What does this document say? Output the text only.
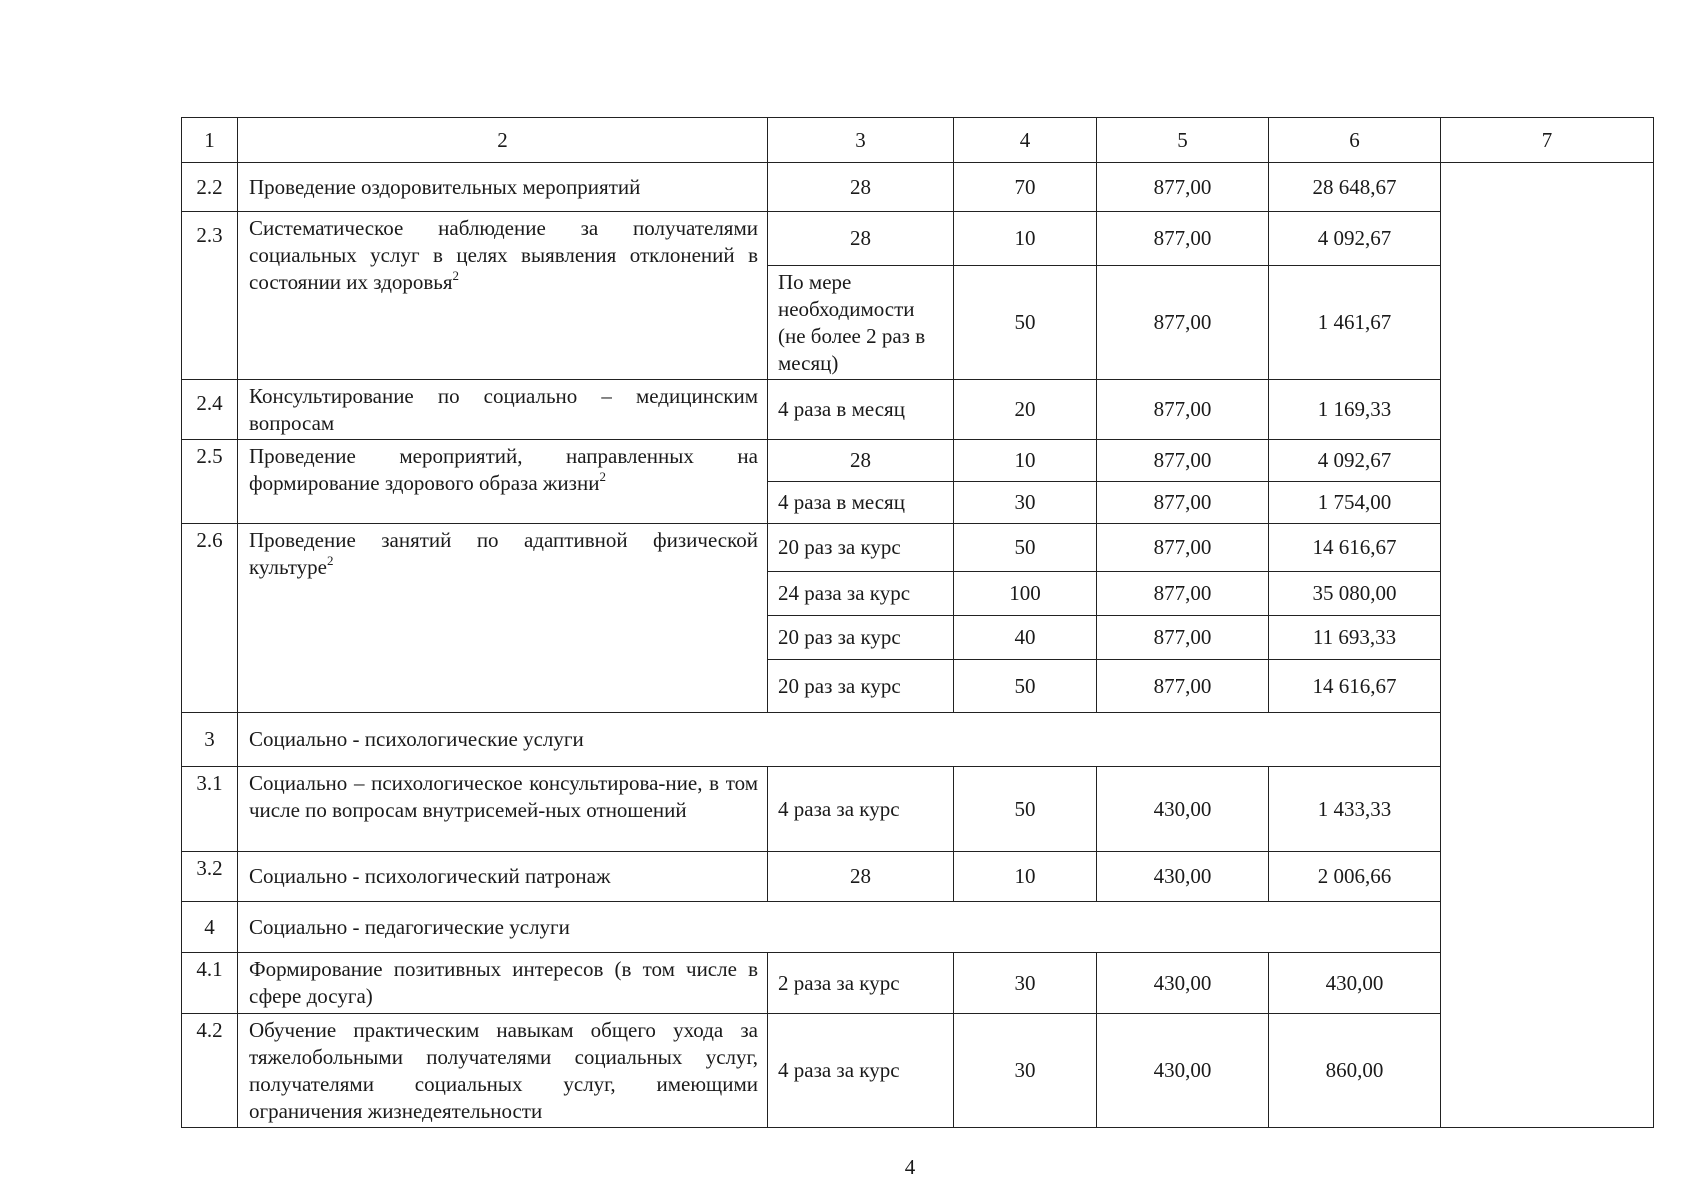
1	2	3	4	5	6	7
2.2	Проведение оздоровительных мероприятий	28	70	877,00	28 648,67	
2.3	Систематическое наблюдение за получателями социальных услуг в целях выявления отклонений в состоянии их здоровья$^2$	28	10	877,00	4 092,67	
		По мере необходимости (не более 2 раз в месяц)	50	877,00	1 461,67	
2.4	Консультирование по социально – медицинским вопросам	4 раза в месяц	20	877,00	1 169,33	
2.5	Проведение мероприятий, направленных на формирование здорового образа жизни$^2$	28	10	877,00	4 092,67	
		4 раза в месяц	30	877,00	1 754,00	
2.6	Проведение занятий по адаптивной физической культуре$^2$	20 раз за курс	50	877,00	14 616,67	
		24 раза за курс	100	877,00	35 080,00	
		20 раз за курс	40	877,00	11 693,33	
		20 раз за курс	50	877,00	14 616,67	
3	Социально - психологические услуги					
3.1	Социально – психологическое консультирова-ние, в том числе по вопросам внутрисемей-ных отношений	4 раза за курс	50	430,00	1 433,33	
3.2	Социально - психологический патронаж	28	10	430,00	2 006,66	
4	Социально - педагогические услуги					
4.1	Формирование позитивных интересов (в том числе в сфере досуга)	2 раза за курс	30	430,00	430,00	
4.2	Обучение практическим навыкам общего ухода за тяжелобольными получателями социальных услуг, получателями социальных услуг, имеющими ограничения жизнедеятельности	4 раза за курс	30	430,00	860,00	
4
